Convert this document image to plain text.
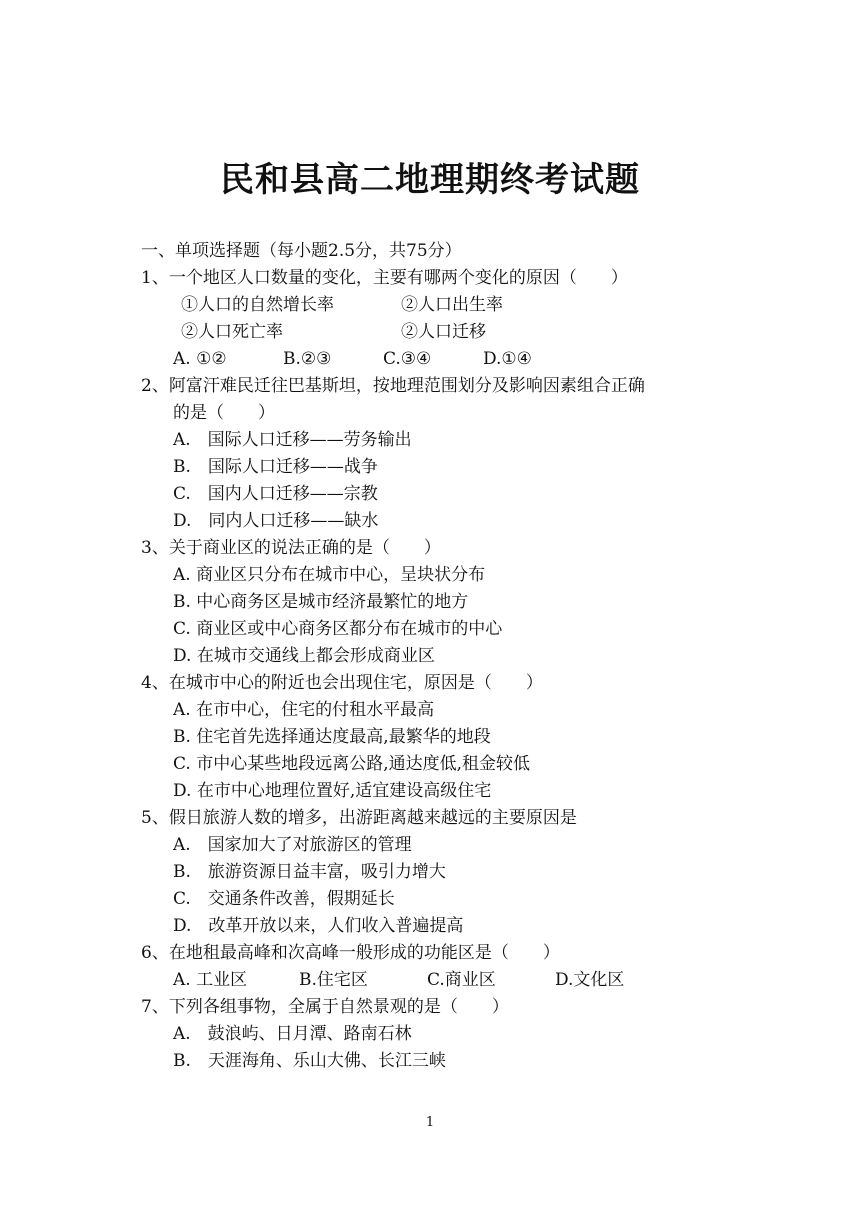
民和县高二地理期终考试题
一、单项选择题（每小题2.5分，共75分）
1、一个地区人口数量的变化，主要有哪两个变化的原因（　　）
①人口的自然增长率	②人口出生率
②人口死亡率	②人口迁移
A. ①②	B.②③	C.③④	D.①④
2、阿富汗难民迁往巴基斯坦，按地理范围划分及影响因素组合正确
的是（　　）
A.　国际人口迁移——劳务输出
B.　国际人口迁移——战争
C.　国内人口迁移——宗教
D.　同内人口迁移——缺水
3、关于商业区的说法正确的是（　　）
A. 商业区只分布在城市中心，呈块状分布
B. 中心商务区是城市经济最繁忙的地方
C. 商业区或中心商务区都分布在城市的中心
D. 在城市交通线上都会形成商业区
4、在城市中心的附近也会出现住宅，原因是（　　）
A. 在市中心，住宅的付租水平最高
B. 住宅首先选择通达度最高,最繁华的地段
C. 市中心某些地段远离公路,通达度低,租金较低
D. 在市中心地理位置好,适宜建设高级住宅
5、假日旅游人数的增多，出游距离越来越远的主要原因是
A.　国家加大了对旅游区的管理
B.　旅游资源日益丰富，吸引力增大
C.　交通条件改善，假期延长
D.　改革开放以来，人们收入普遍提高
6、在地租最高峰和次高峰一般形成的功能区是（　　）
A. 工业区	B.住宅区	C.商业区	D.文化区
7、下列各组事物，全属于自然景观的是（　　）
A.　鼓浪屿、日月潭、路南石林
B.　天涯海角、乐山大佛、长江三峡
1
